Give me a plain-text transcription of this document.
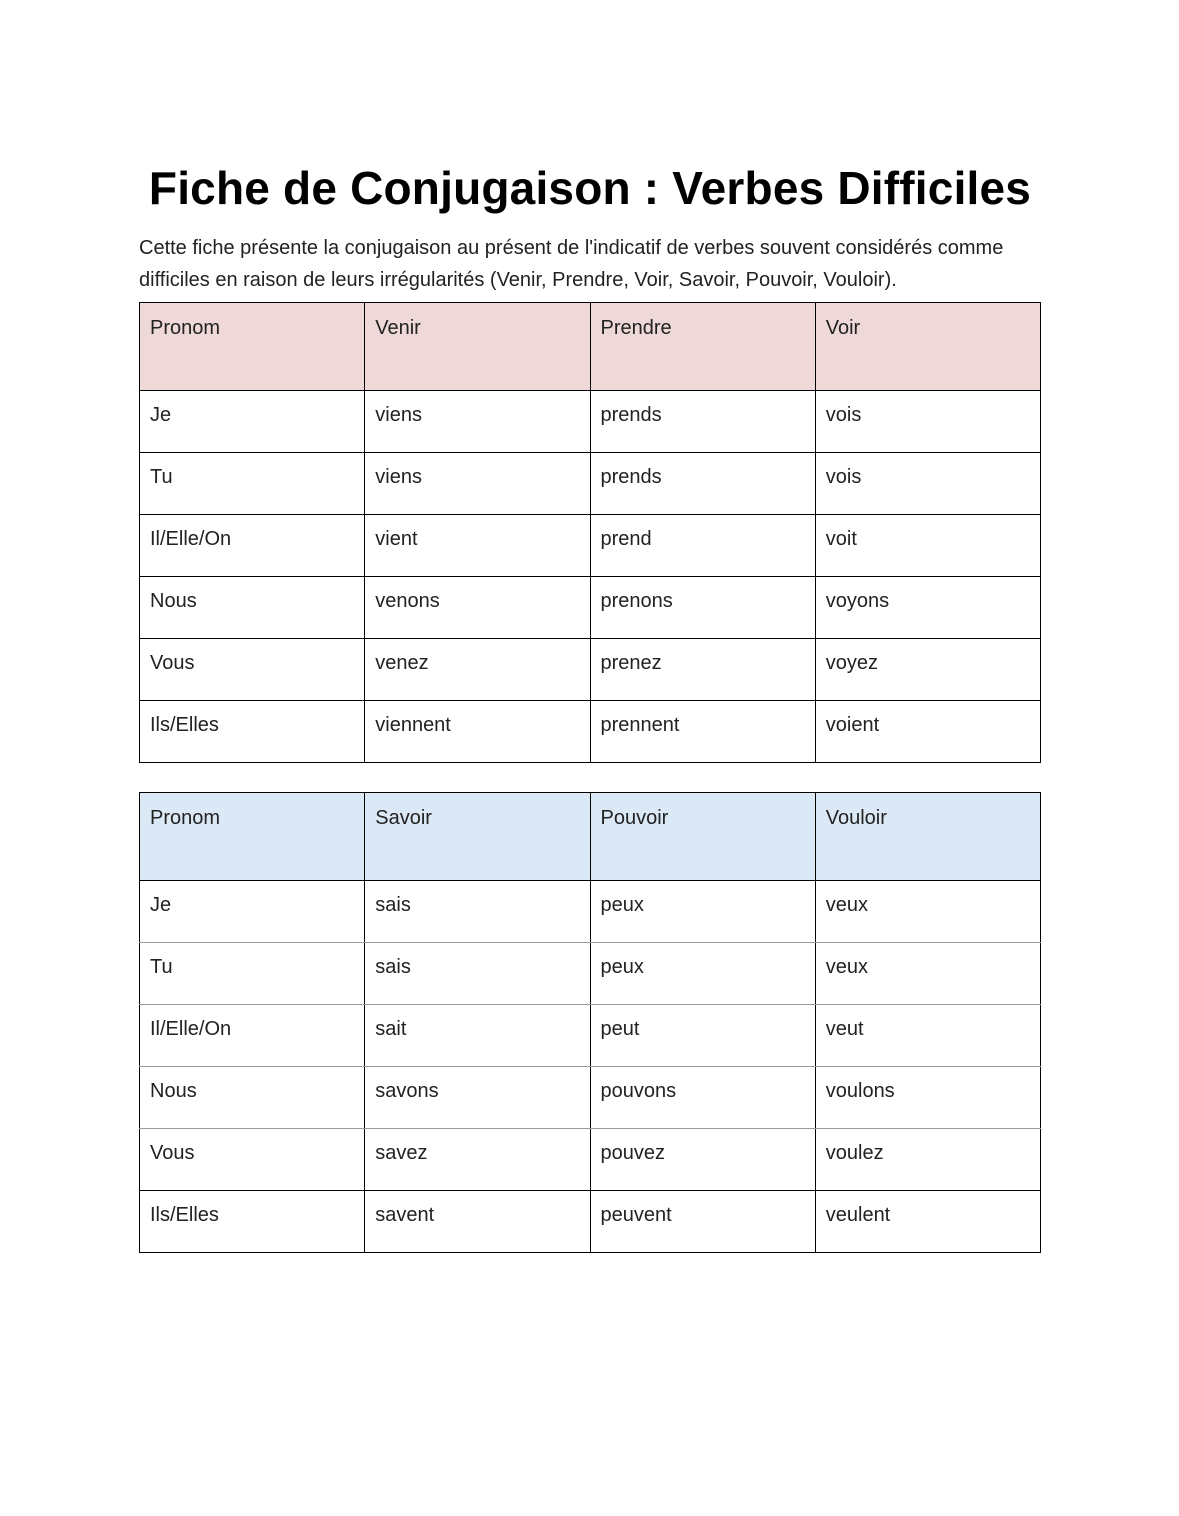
Fiche de Conjugaison : Verbes Difficiles

Cette fiche présente la conjugaison au présent de l'indicatif de verbes souvent considérés comme difficiles en raison de leurs irrégularités (Venir, Prendre, Voir, Savoir, Pouvoir, Vouloir).

Pronom	Venir	Prendre	Voir
Je	viens	prends	vois
Tu	viens	prends	vois
Il/Elle/On	vient	prend	voit
Nous	venons	prenons	voyons
Vous	venez	prenez	voyez
Ils/Elles	viennent	prennent	voient
Pronom	Savoir	Pouvoir	Vouloir
Je	sais	peux	veux
Tu	sais	peux	veux
Il/Elle/On	sait	peut	veut
Nous	savons	pouvons	voulons
Vous	savez	pouvez	voulez
Ils/Elles	savent	peuvent	veulent
